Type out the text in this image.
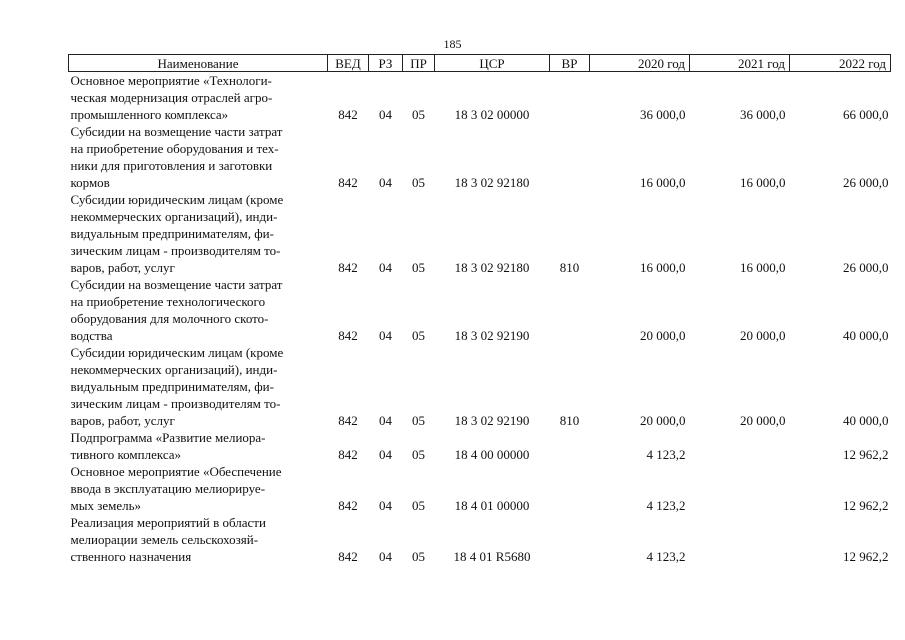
185
Наименование	ВЕД	РЗ	ПР	ЦСР	ВР	2020 год	2021 год	2022 год

Основное мероприятие «Технологи-
ческая модернизация отраслей агро-
промышленного комплекса»	842	04	05	18 3 02 00000		36 000,0	36 000,0	66 000,0

Субсидии на возмещение части затрат
на приобретение оборудования и тех-
ники для приготовления и заготовки
кормов	842	04	05	18 3 02 92180		16 000,0	16 000,0	26 000,0

Субсидии юридическим лицам (кроме
некоммерческих организаций), инди-
видуальным предпринимателям, фи-
зическим лицам - производителям то-
варов, работ, услуг	842	04	05	18 3 02 92180	810	16 000,0	16 000,0	26 000,0

Субсидии на возмещение части затрат
на приобретение технологического
оборудования для молочного ското-
водства	842	04	05	18 3 02 92190		20 000,0	20 000,0	40 000,0

Субсидии юридическим лицам (кроме
некоммерческих организаций), инди-
видуальным предпринимателям, фи-
зическим лицам - производителям то-
варов, работ, услуг	842	04	05	18 3 02 92190	810	20 000,0	20 000,0	40 000,0

Подпрограмма «Развитие мелиора-
тивного комплекса»	842	04	05	18 4 00 00000		4 123,2		12 962,2

Основное мероприятие «Обеспечение
ввода в эксплуатацию мелиорируе-
мых земель»	842	04	05	18 4 01 00000		4 123,2		12 962,2

Реализация мероприятий в области
мелиорации земель сельскохозяй-
ственного назначения	842	04	05	18 4 01 R5680		4 123,2		12 962,2
